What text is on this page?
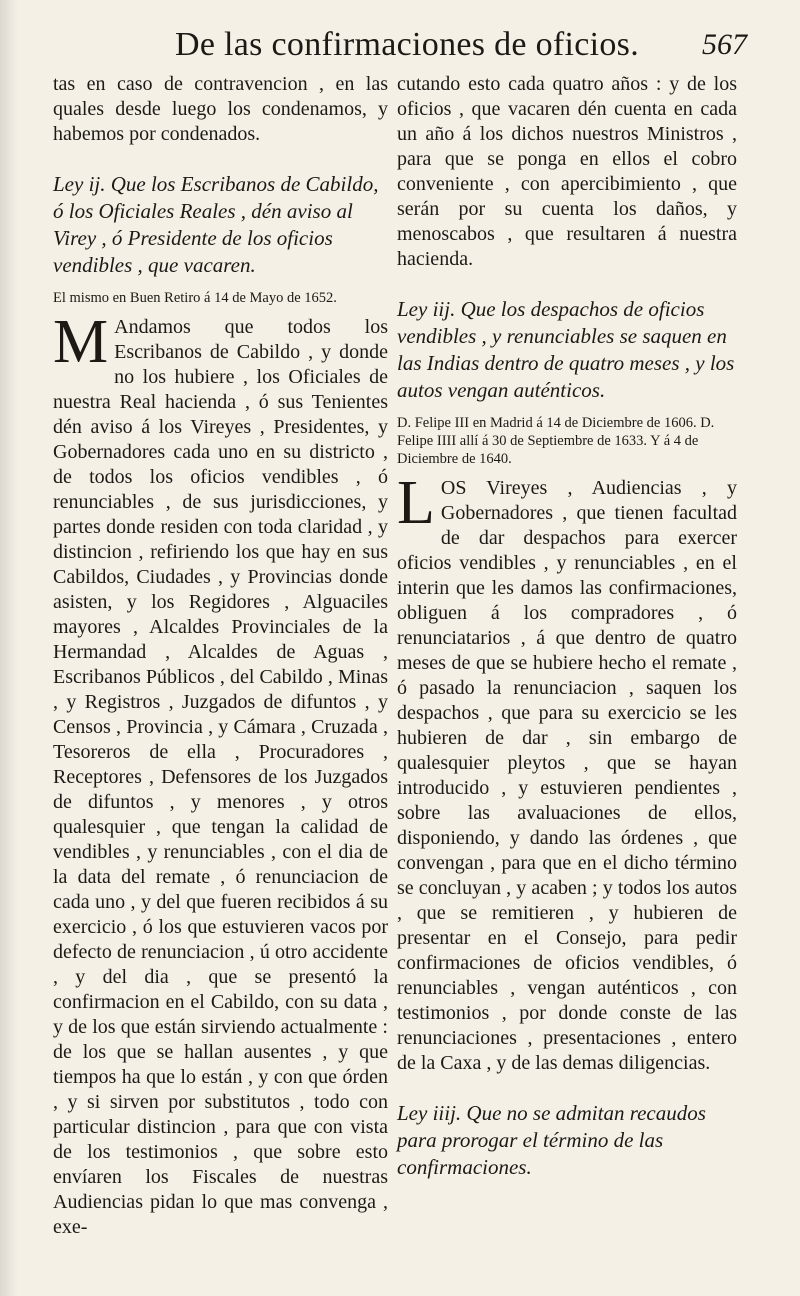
De las confirmaciones de oficios. 567

tas en caso de contravencion , en las quales desde luego los condenamos, y habemos por condenados.

Ley ij. Que los Escribanos de Cabildo, ó los Oficiales Reales , dén aviso al Virey , ó Presidente de los oficios vendibles , que vacaren.

El mismo en Buen Retiro á 14 de Mayo de 1652.

M Andamos que todos los Escribanos de Cabildo , y donde no los hubiere , los Oficiales de nuestra Real hacienda , ó sus Tenientes dén aviso á los Vireyes , Presidentes, y Gobernadores cada uno en su districto , de todos los oficios vendibles , ó renunciables , de sus jurisdicciones, y partes donde residen con toda claridad , y distincion , refiriendo los que hay en sus Cabildos, Ciudades , y Provincias donde asisten, y los Regidores , Alguaciles mayores , Alcaldes Provinciales de la Hermandad , Alcaldes de Aguas , Escribanos Públicos , del Cabildo , Minas , y Registros , Juzgados de difuntos , y Censos , Provincia , y Cámara , Cruzada , Tesoreros de ella , Procuradores , Receptores , Defensores de los Juzgados de difuntos , y menores , y otros qualesquier , que tengan la calidad de vendibles , y renunciables , con el dia de la data del remate , ó renunciacion de cada uno , y del que fueren recibidos á su exercicio , ó los que estuvieren vacos por defecto de renunciacion , ú otro accidente , y del dia , que se presentó la confirmacion en el Cabildo, con su data , y de los que están sirviendo actualmente : de los que se hallan ausentes , y que tiempos ha que lo están , y con que órden , y si sirven por substitutos , todo con particular distincion , para que con vista de los testimonios , que sobre esto envíaren los Fiscales de nuestras Audiencias pidan lo que mas convenga , exe-

cutando esto cada quatro años : y de los oficios , que vacaren dén cuenta en cada un año á los dichos nuestros Ministros , para que se ponga en ellos el cobro conveniente , con apercibimiento , que serán por su cuenta los daños, y menoscabos , que resultaren á nuestra hacienda.

Ley iij. Que los despachos de oficios vendibles , y renunciables se saquen en las Indias dentro de quatro meses , y los autos vengan auténticos.

D. Felipe III en Madrid á 14 de Diciembre de 1606. D. Felipe IIII allí á 30 de Septiembre de 1633. Y á 4 de Diciembre de 1640.

LOS Vireyes , Audiencias , y Gobernadores , que tienen facultad de dar despachos para exercer oficios vendibles , y renunciables , en el interin que les damos las confirmaciones, obliguen á los compradores , ó renunciatarios , á que dentro de quatro meses de que se hubiere hecho el remate , ó pasado la renunciacion , saquen los despachos , que para su exercicio se les hubieren de dar , sin embargo de qualesquier pleytos , que se hayan introducido , y estuvieren pendientes , sobre las avaluaciones de ellos, disponiendo, y dando las órdenes , que convengan , para que en el dicho término se concluyan , y acaben ; y todos los autos , que se remitieren , y hubieren de presentar en el Consejo, para pedir confirmaciones de oficios vendibles, ó renunciables , vengan auténticos , con testimonios , por donde conste de las renunciaciones , presentaciones , entero de la Caxa , y de las demas diligencias.

Ley iiij. Que no se admitan recaudos para prorogar el término de las confirmaciones.
